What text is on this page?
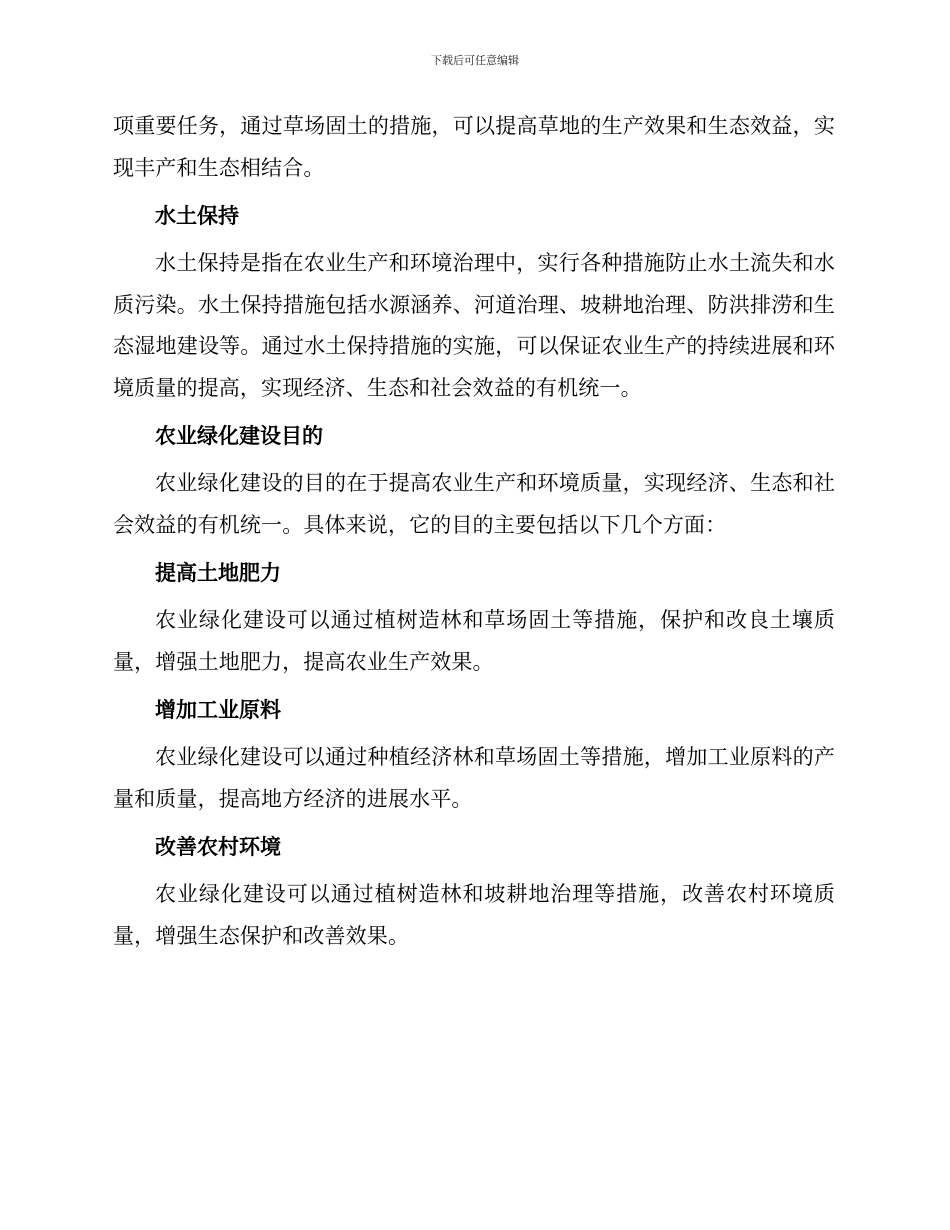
下载后可任意编辑

项重要任务，通过草场固土的措施，可以提高草地的生产效果和生态效益，实现丰产和生态相结合。

水土保持

水土保持是指在农业生产和环境治理中，实行各种措施防止水土流失和水质污染。水土保持措施包括水源涵养、河道治理、坡耕地治理、防洪排涝和生态湿地建设等。通过水土保持措施的实施，可以保证农业生产的持续进展和环境质量的提高，实现经济、生态和社会效益的有机统一。

农业绿化建设目的

农业绿化建设的目的在于提高农业生产和环境质量，实现经济、生态和社会效益的有机统一。具体来说，它的目的主要包括以下几个方面：

提高土地肥力

农业绿化建设可以通过植树造林和草场固土等措施，保护和改良土壤质量，增强土地肥力，提高农业生产效果。

增加工业原料

农业绿化建设可以通过种植经济林和草场固土等措施，增加工业原料的产量和质量，提高地方经济的进展水平。

改善农村环境

农业绿化建设可以通过植树造林和坡耕地治理等措施，改善农村环境质量，增强生态保护和改善效果。
